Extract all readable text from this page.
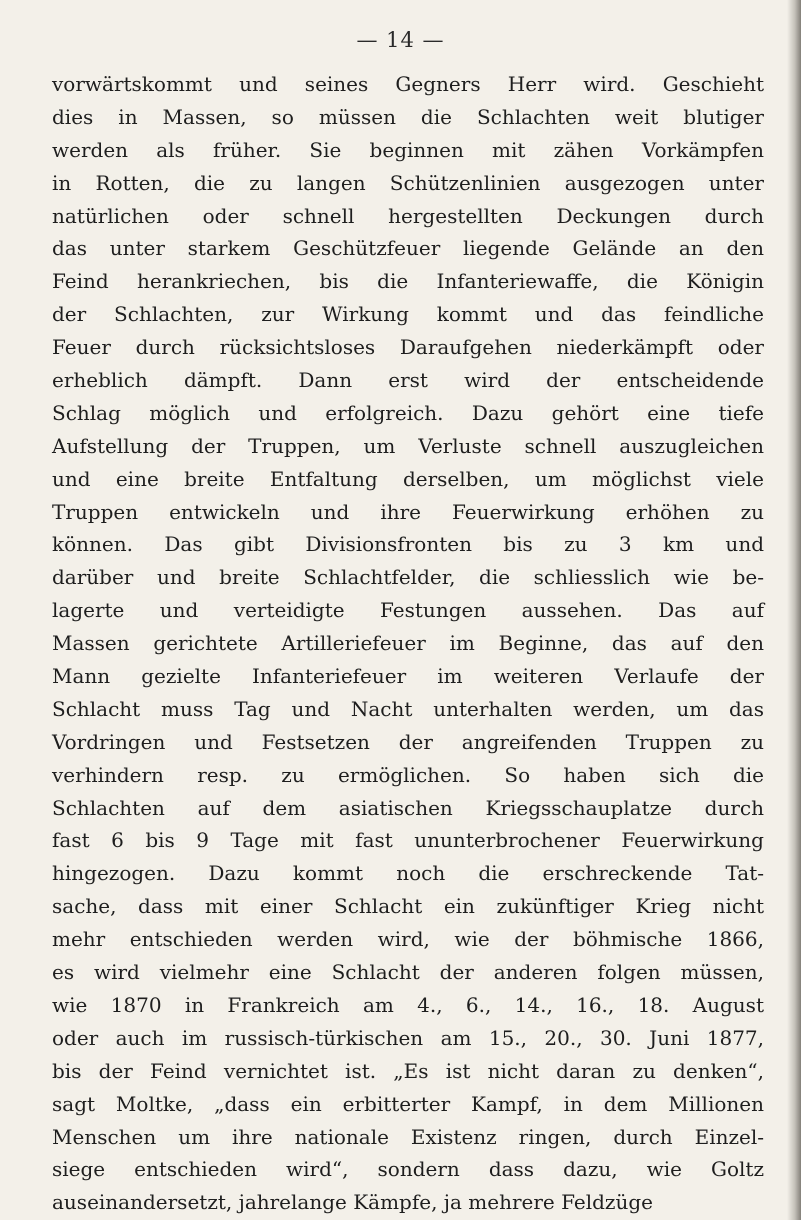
— 14 —
vorwärtskommt und seines Gegners Herr wird. Geschieht
dies in Massen, so müssen die Schlachten weit blutiger
werden als früher. Sie beginnen mit zähen Vorkämpfen
in Rotten, die zu langen Schützenlinien ausgezogen unter
natürlichen oder schnell hergestellten Deckungen durch
das unter starkem Geschützfeuer liegende Gelände an den
Feind herankriechen, bis die Infanteriewaffe, die Königin
der Schlachten, zur Wirkung kommt und das feindliche
Feuer durch rücksichtsloses Daraufgehen niederkämpft oder
erheblich dämpft. Dann erst wird der entscheidende
Schlag möglich und erfolgreich. Dazu gehört eine tiefe
Aufstellung der Truppen, um Verluste schnell auszugleichen
und eine breite Entfaltung derselben, um möglichst viele
Truppen entwickeln und ihre Feuerwirkung erhöhen zu
können. Das gibt Divisionsfronten bis zu 3 km und
darüber und breite Schlachtfelder, die schliesslich wie be-
lagerte und verteidigte Festungen aussehen. Das auf
Massen gerichtete Artilleriefeuer im Beginne, das auf den
Mann gezielte Infanteriefeuer im weiteren Verlaufe der
Schlacht muss Tag und Nacht unterhalten werden, um das
Vordringen und Festsetzen der angreifenden Truppen zu
verhindern resp. zu ermöglichen. So haben sich die
Schlachten auf dem asiatischen Kriegsschauplatze durch
fast 6 bis 9 Tage mit fast ununterbrochener Feuerwirkung
hingezogen. Dazu kommt noch die erschreckende Tat-
sache, dass mit einer Schlacht ein zukünftiger Krieg nicht
mehr entschieden werden wird, wie der böhmische 1866,
es wird vielmehr eine Schlacht der anderen folgen müssen,
wie 1870 in Frankreich am 4., 6., 14., 16., 18. August
oder auch im russisch-türkischen am 15., 20., 30. Juni 1877,
bis der Feind vernichtet ist. „Es ist nicht daran zu denken“,
sagt Moltke, „dass ein erbitterter Kampf, in dem Millionen
Menschen um ihre nationale Existenz ringen, durch Einzel-
siege entschieden wird“, sondern dass dazu, wie Goltz
auseinandersetzt, jahrelange Kämpfe, ja mehrere Feldzüge
